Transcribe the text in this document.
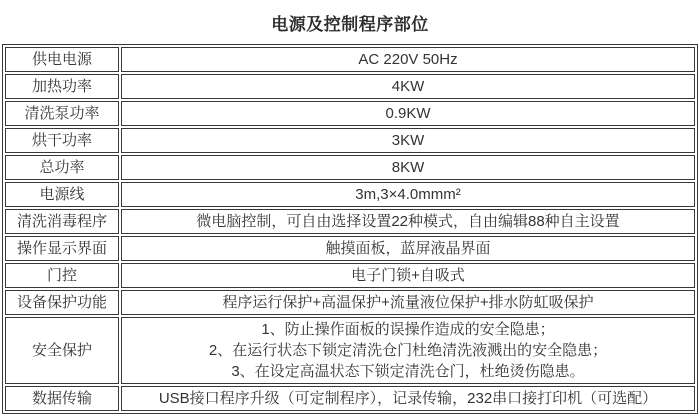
电源及控制程序部位
供电电源	AC 220V 50Hz
加热功率	4KW
清洗泵功率	0.9KW
烘干功率	3KW
总功率	8KW
电源线	3m,3×4.0mmm²
清洗消毒程序	微电脑控制，可自由选择设置22种模式，自由编辑88种自主设置
操作显示界面	触摸面板，蓝屏液晶界面
门控	电子门锁+自吸式
设备保护功能	程序运行保护+高温保护+流量液位保护+排水防虹吸保护
安全保护	1、防止操作面板的误操作造成的安全隐患；
2、在运行状态下锁定清洗仓门杜绝清洗液溅出的安全隐患；
3、在设定高温状态下锁定清洗仓门，杜绝烫伤隐患。

数据传输	USB接口程序升级（可定制程序），记录传输，232串口接打印机（可选配）
